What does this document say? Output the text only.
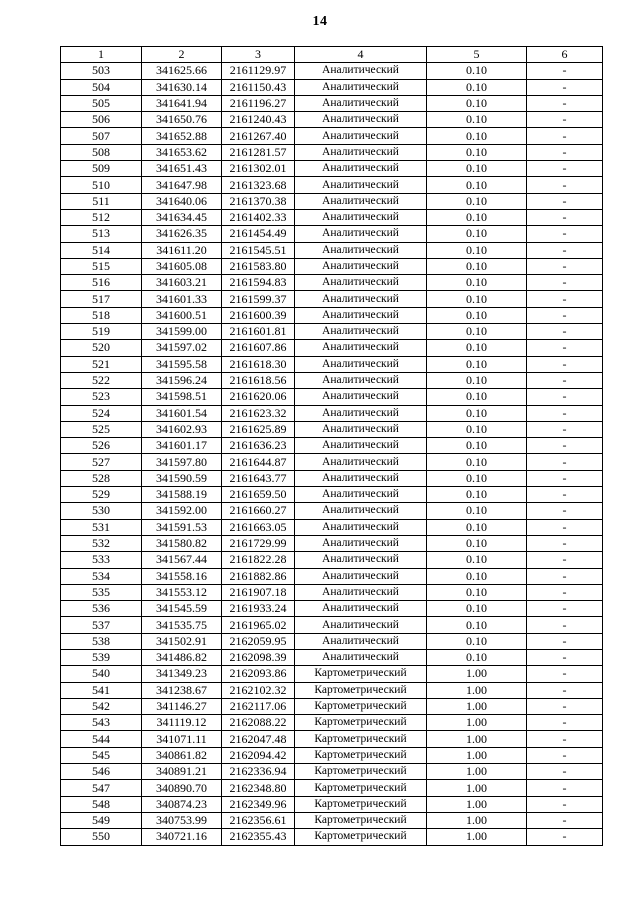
14
1	2	3	4	5	6
503	341625.66	2161129.97	Аналитический	0.10	-
504	341630.14	2161150.43	Аналитический	0.10	-
505	341641.94	2161196.27	Аналитический	0.10	-
506	341650.76	2161240.43	Аналитический	0.10	-
507	341652.88	2161267.40	Аналитический	0.10	-
508	341653.62	2161281.57	Аналитический	0.10	-
509	341651.43	2161302.01	Аналитический	0.10	-
510	341647.98	2161323.68	Аналитический	0.10	-
511	341640.06	2161370.38	Аналитический	0.10	-
512	341634.45	2161402.33	Аналитический	0.10	-
513	341626.35	2161454.49	Аналитический	0.10	-
514	341611.20	2161545.51	Аналитический	0.10	-
515	341605.08	2161583.80	Аналитический	0.10	-
516	341603.21	2161594.83	Аналитический	0.10	-
517	341601.33	2161599.37	Аналитический	0.10	-
518	341600.51	2161600.39	Аналитический	0.10	-
519	341599.00	2161601.81	Аналитический	0.10	-
520	341597.02	2161607.86	Аналитический	0.10	-
521	341595.58	2161618.30	Аналитический	0.10	-
522	341596.24	2161618.56	Аналитический	0.10	-
523	341598.51	2161620.06	Аналитический	0.10	-
524	341601.54	2161623.32	Аналитический	0.10	-
525	341602.93	2161625.89	Аналитический	0.10	-
526	341601.17	2161636.23	Аналитический	0.10	-
527	341597.80	2161644.87	Аналитический	0.10	-
528	341590.59	2161643.77	Аналитический	0.10	-
529	341588.19	2161659.50	Аналитический	0.10	-
530	341592.00	2161660.27	Аналитический	0.10	-
531	341591.53	2161663.05	Аналитический	0.10	-
532	341580.82	2161729.99	Аналитический	0.10	-
533	341567.44	2161822.28	Аналитический	0.10	-
534	341558.16	2161882.86	Аналитический	0.10	-
535	341553.12	2161907.18	Аналитический	0.10	-
536	341545.59	2161933.24	Аналитический	0.10	-
537	341535.75	2161965.02	Аналитический	0.10	-
538	341502.91	2162059.95	Аналитический	0.10	-
539	341486.82	2162098.39	Аналитический	0.10	-
540	341349.23	2162093.86	Картометрический	1.00	-
541	341238.67	2162102.32	Картометрический	1.00	-
542	341146.27	2162117.06	Картометрический	1.00	-
543	341119.12	2162088.22	Картометрический	1.00	-
544	341071.11	2162047.48	Картометрический	1.00	-
545	340861.82	2162094.42	Картометрический	1.00	-
546	340891.21	2162336.94	Картометрический	1.00	-
547	340890.70	2162348.80	Картометрический	1.00	-
548	340874.23	2162349.96	Картометрический	1.00	-
549	340753.99	2162356.61	Картометрический	1.00	-
550	340721.16	2162355.43	Картометрический	1.00	-
